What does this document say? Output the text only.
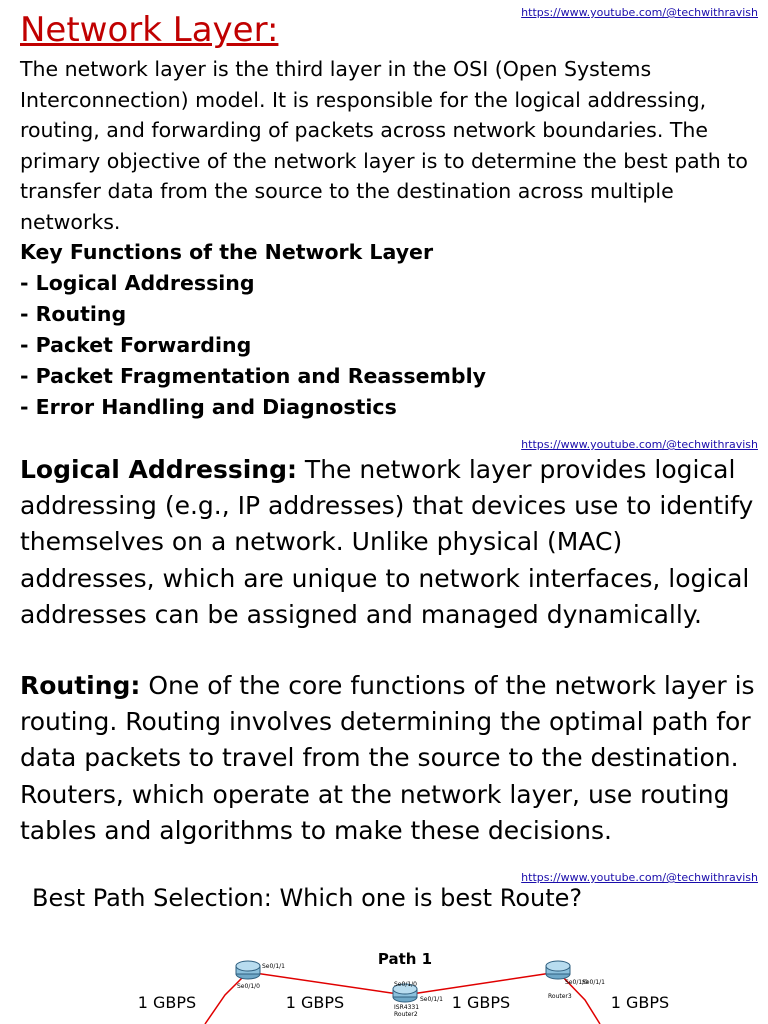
https://www.youtube.com/@techwithravish
Network Layer:
The network layer is the third layer in the OSI (Open Systems Interconnection) model. It is responsible for the logical addressing, routing, and forwarding of packets across network boundaries. The primary objective of the network layer is to determine the best path to transfer data from the source to the destination across multiple networks.
Key Functions of the Network Layer
- Logical Addressing
- Routing
- Packet Forwarding
- Packet Fragmentation and Reassembly
- Error Handling and Diagnostics
https://www.youtube.com/@techwithravish
Logical Addressing: The network layer provides logical addressing (e.g., IP addresses) that devices use to identify themselves on a network. Unlike physical (MAC) addresses, which are unique to network interfaces, logical addresses can be assigned and managed dynamically.
Routing: One of the core functions of the network layer is routing. Routing involves determining the optimal path for data packets to travel from the source to the destination. Routers, which operate at the network layer, use routing tables and algorithms to make these decisions.
https://www.youtube.com/@techwithravish
Best Path Selection: Which one is best Route?
Path 1
1 GBPS	1 GBPS	1 GBPS	1 GBPS
Se0/1/1
Se0/1/0	Se0/1/0
Se0/1/1
Se0/1/0
Se0/1/1
ISR4331
Router2
Router3
